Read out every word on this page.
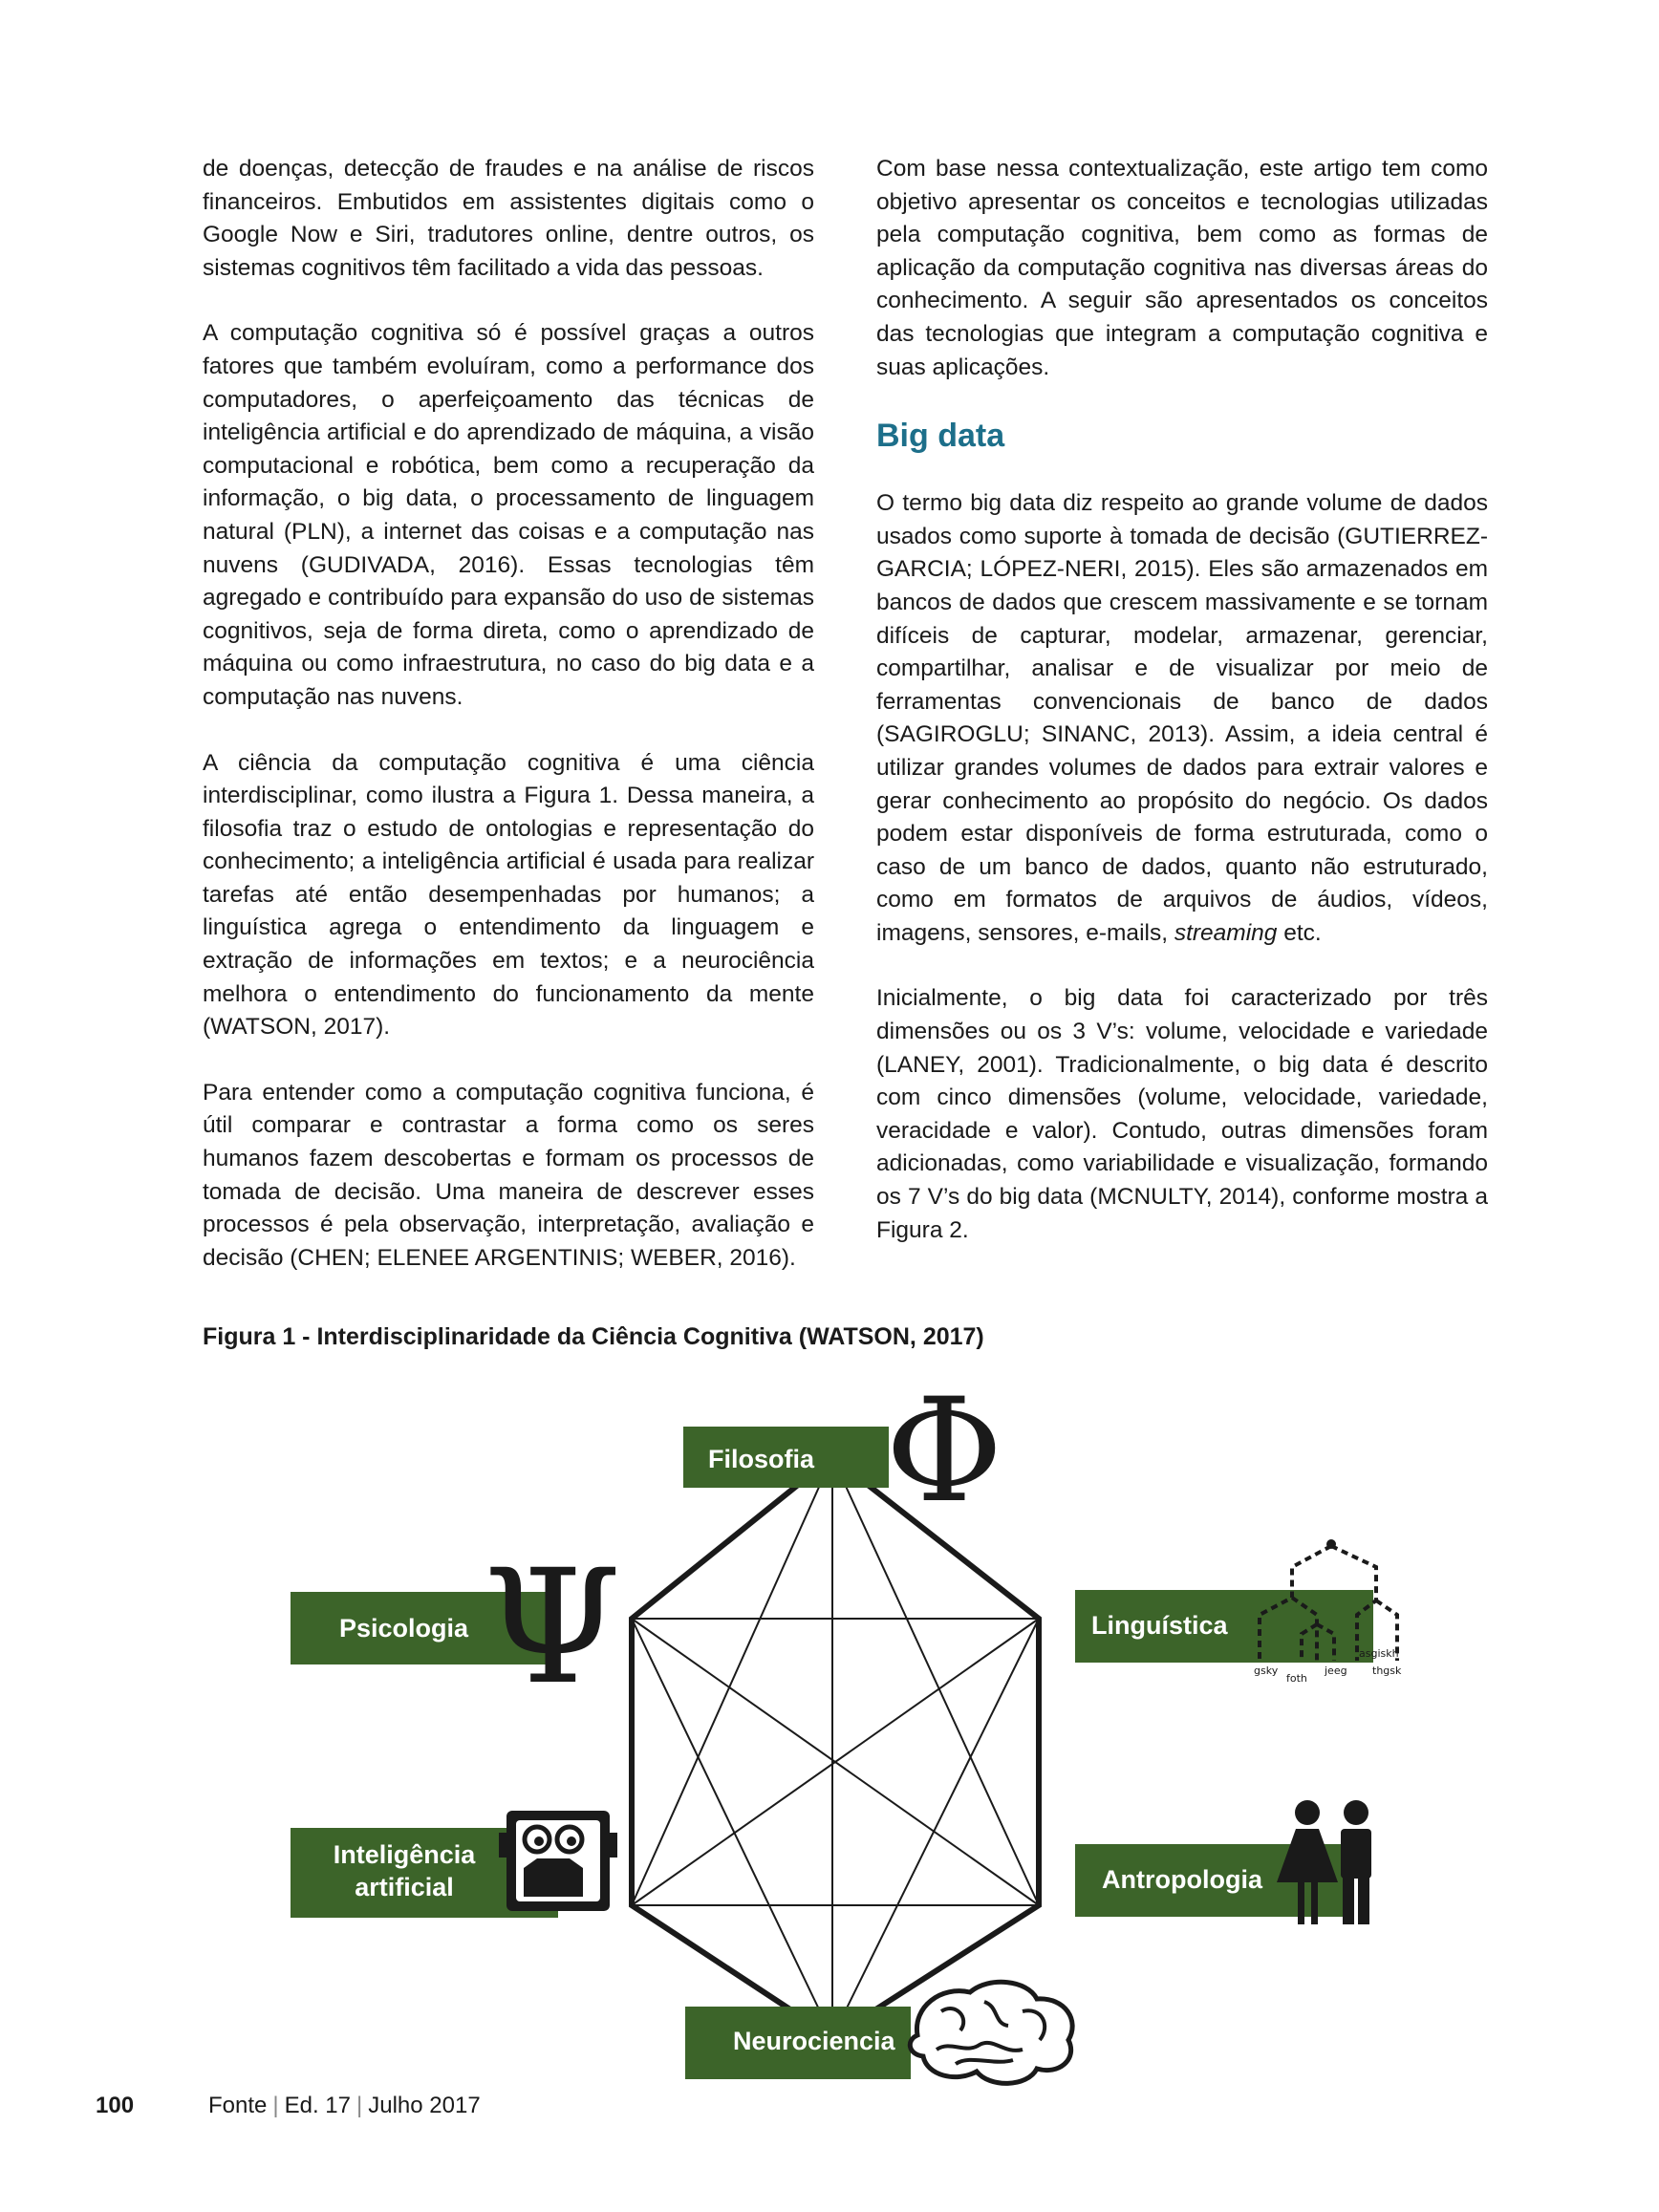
de doenças, detecção de fraudes e na análise de riscos financeiros. Embutidos em assistentes digitais como o Google Now e Siri, tradutores online, dentre outros, os sistemas cognitivos têm facilitado a vida das pessoas.

A computação cognitiva só é possível graças a outros fatores que também evoluíram, como a performance dos computadores, o aperfeiçoamento das técnicas de inteligência artificial e do aprendizado de máquina, a visão computacional e robótica, bem como a recuperação da informação, o big data, o processamento de linguagem natural (PLN), a internet das coisas e a computação nas nuvens (GUDIVADA, 2016). Essas tecnologias têm agregado e contribuído para expansão do uso de sistemas cognitivos, seja de forma direta, como o aprendizado de máquina ou como infraestrutura, no caso do big data e a computação nas nuvens.

A ciência da computação cognitiva é uma ciência interdisciplinar, como ilustra a Figura 1. Dessa maneira, a filosofia traz o estudo de ontologias e representação do conhecimento; a inteligência artificial é usada para realizar tarefas até então desempenhadas por humanos; a linguística agrega o entendimento da linguagem e extração de informações em textos; e a neurociência melhora o entendimento do funcionamento da mente (WATSON, 2017).

Para entender como a computação cognitiva funciona, é útil comparar e contrastar a forma como os seres humanos fazem descobertas e formam os processos de tomada de decisão. Uma maneira de descrever esses processos é pela observação, interpretação, avaliação e decisão (CHEN; ELENEE ARGENTINIS; WEBER, 2016).

Com base nessa contextualização, este artigo tem como objetivo apresentar os conceitos e tecnologias utilizadas pela computação cognitiva, bem como as formas de aplicação da computação cognitiva nas diversas áreas do conhecimento. A seguir são apresentados os conceitos das tecnologias que integram a computação cognitiva e suas aplicações.

Big data

O termo big data diz respeito ao grande volume de dados usados como suporte à tomada de decisão (GUTIERREZ-GARCIA; LÓPEZ-NERI, 2015). Eles são armazenados em bancos de dados que crescem massivamente e se tornam difíceis de capturar, modelar, armazenar, gerenciar, compartilhar, analisar e de visualizar por meio de ferramentas convencionais de banco de dados (SAGIROGLU; SINANC, 2013). Assim, a ideia central é utilizar grandes volumes de dados para extrair valores e gerar conhecimento ao propósito do negócio. Os dados podem estar disponíveis de forma estruturada, como o caso de um banco de dados, quanto não estruturado, como em formatos de arquivos de áudios, vídeos, imagens, sensores, e-mails, streaming etc.

Inicialmente, o big data foi caracterizado por três dimensões ou os 3 V’s: volume, velocidade e variedade (LANEY, 2001). Tradicionalmente, o big data é descrito com cinco dimensões (volume, velocidade, variedade, veracidade e valor). Contudo, outras dimensões foram adicionadas, como variabilidade e visualização, formando os 7 V’s do big data (MCNULTY, 2014), conforme mostra a Figura 2.

Figura 1 - Interdisciplinaridade da Ciência Cognitiva (WATSON, 2017)
Filosofia Φ
Psicologia Ψ	Linguística
gsky
foth
jeeg
asgiskh
thgsk
Inteligência
artificial	Antropologia
Neurociencia
100	Fonte | Ed. 17 | Julho 2017
